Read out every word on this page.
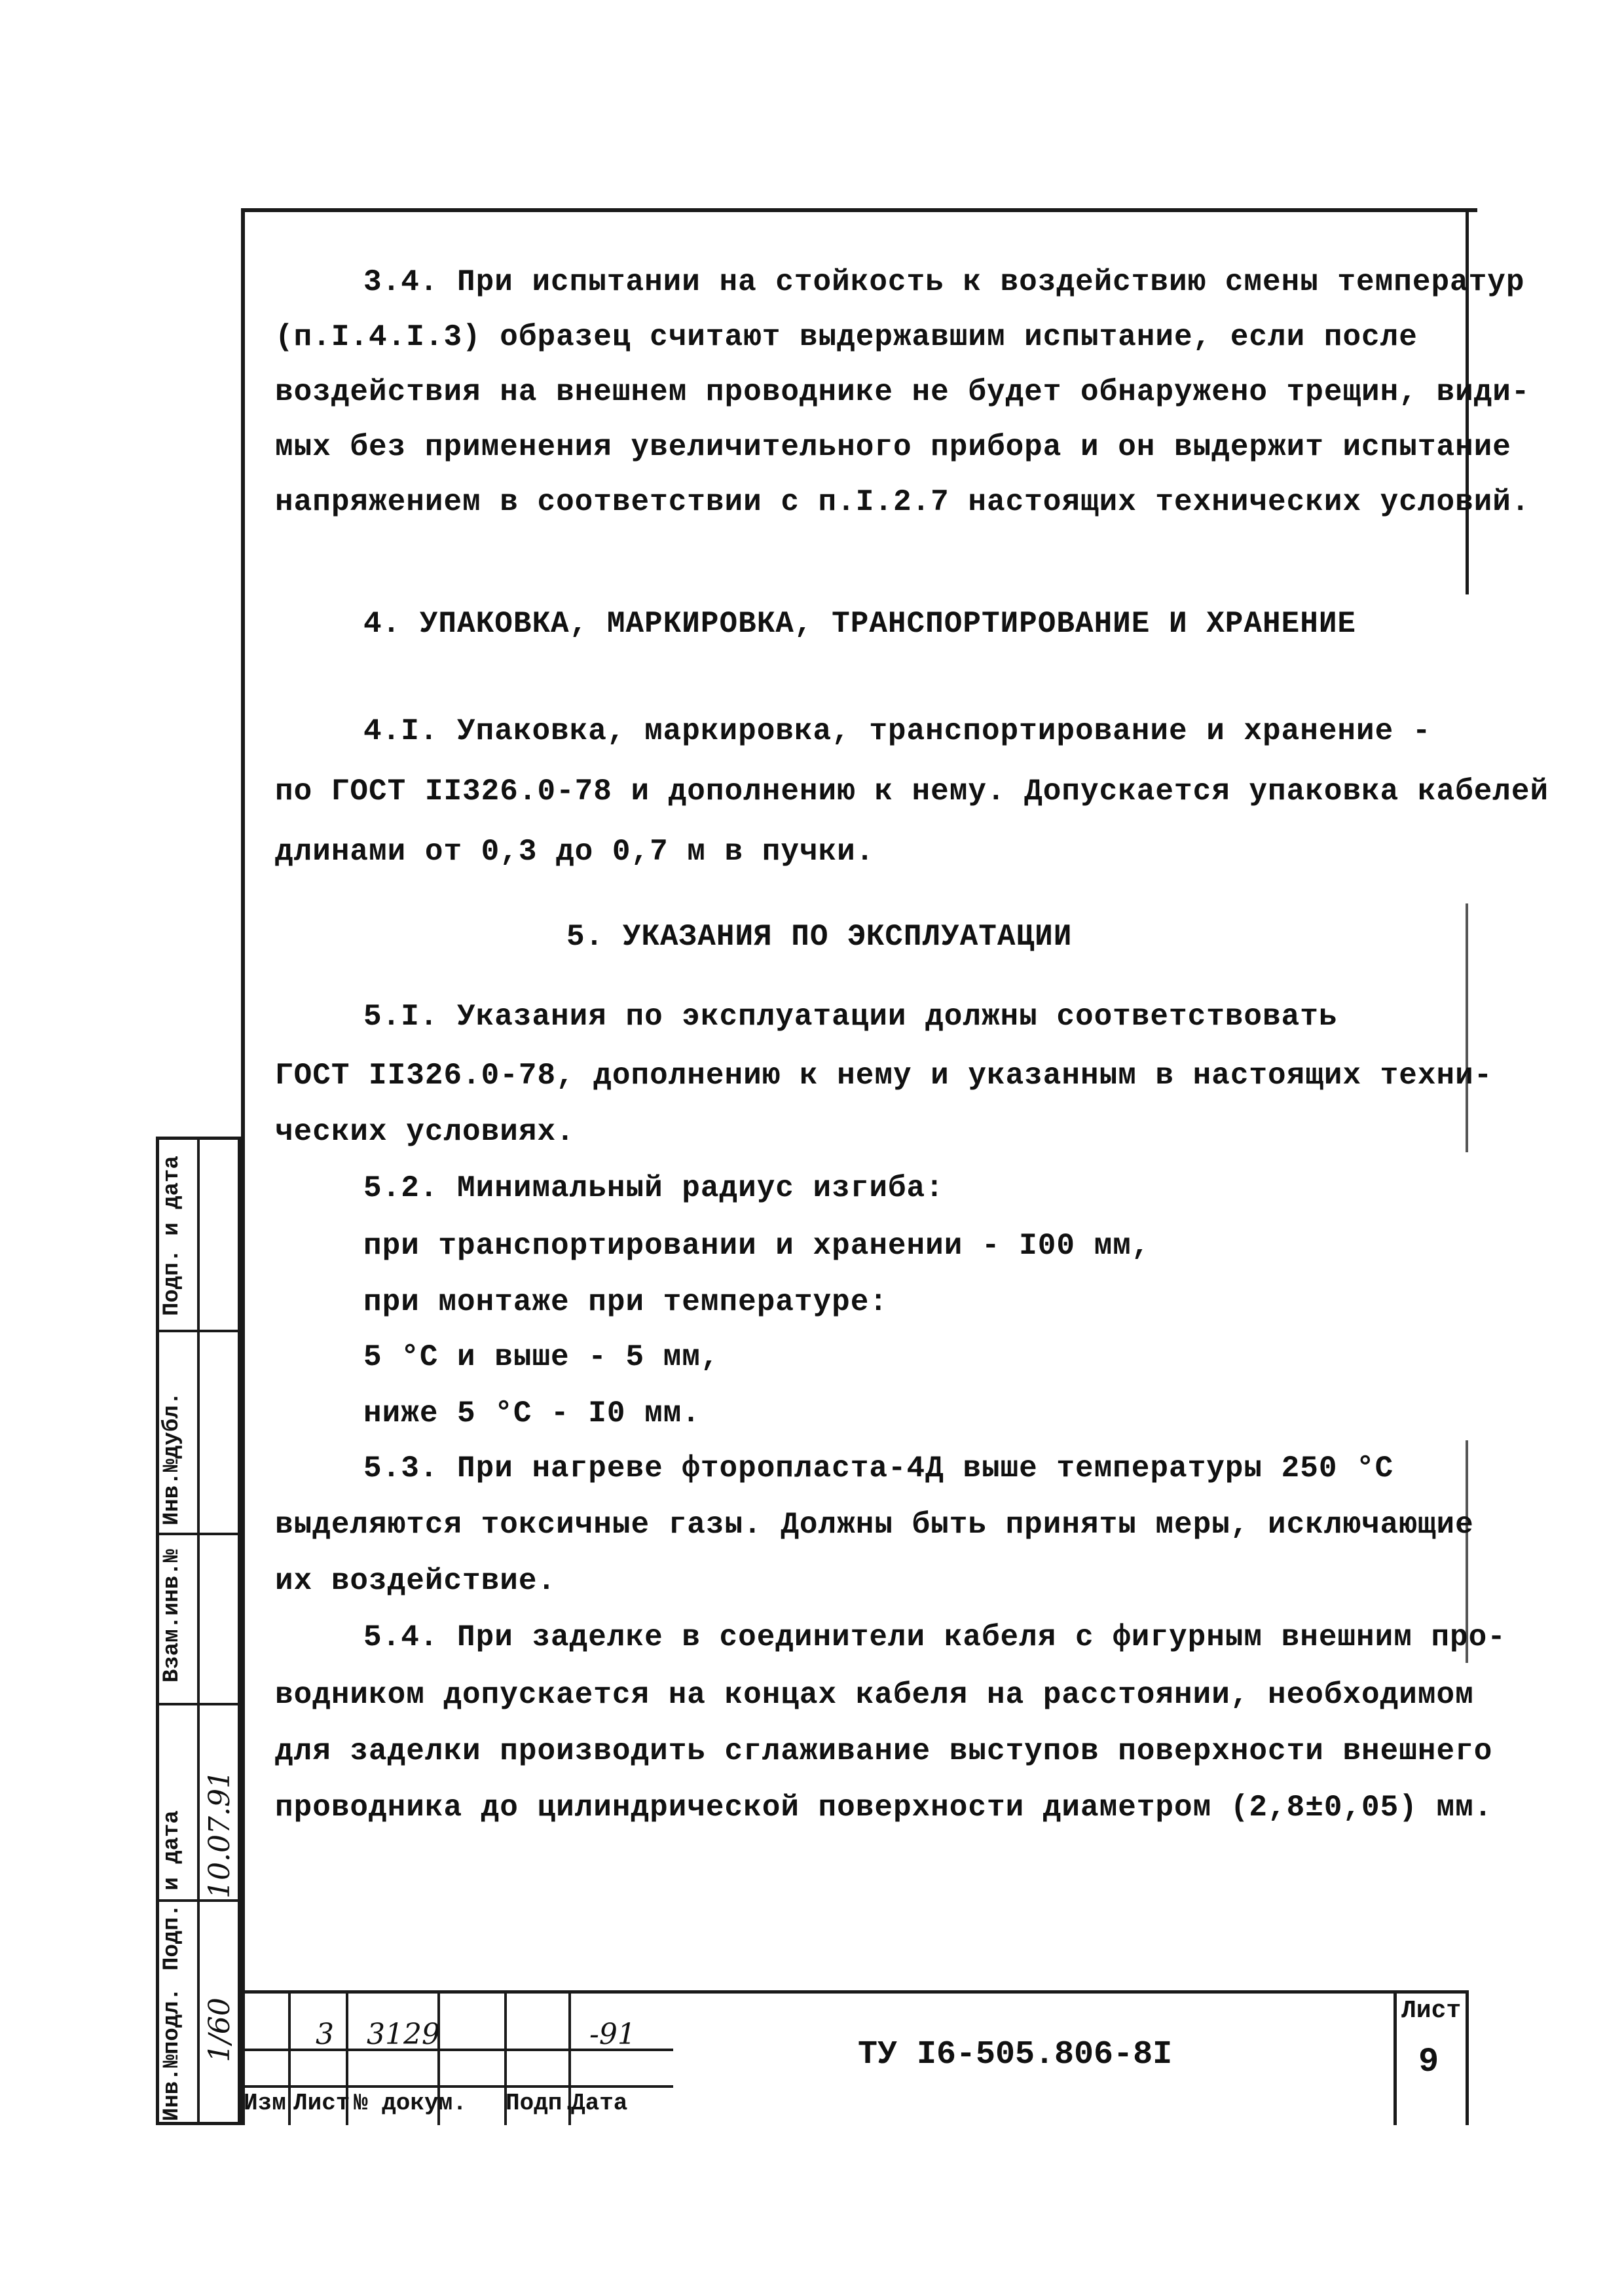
3.4. При испытании на стойкость к воздействию смены температур
(п.I.4.I.3) образец считают выдержавшим испытание, если после
воздействия на внешнем проводнике не будет обнаружено трещин, види-
мых без применения увеличительного прибора и он выдержит испытание
напряжением в соответствии с п.I.2.7 настоящих технических условий.
4. УПАКОВКА, МАРКИРОВКА, ТРАНСПОРТИРОВАНИЕ И ХРАНЕНИЕ
4.I. Упаковка, маркировка, транспортирование и хранение -
по ГОСТ II326.0-78 и дополнению к нему. Допускается упаковка кабелей
длинами от 0,3 до 0,7 м в пучки.
5. УКАЗАНИЯ ПО ЭКСПЛУАТАЦИИ
5.I. Указания по эксплуатации должны соответствовать
ГОСТ II326.0-78, дополнению к нему и указанным в настоящих техни-
ческих условиях.
5.2. Минимальный радиус изгиба:
при транспортировании и хранении - I00 мм,
при монтаже при температуре:
5 °С и выше - 5 мм,
ниже 5 °С - I0 мм.
5.3. При нагреве фторопласта-4Д выше температуры 250 °С
выделяются токсичные газы. Должны быть приняты меры, исключающие
их воздействие.
5.4. При заделке в соединители кабеля с фигурным внешним про-
водником допускается на концах кабеля на расстоянии, необходимом
для заделки производить сглаживание выступов поверхности внешнего
проводника до цилиндрической поверхности диаметром (2,8±0,05) мм.
Инв.№подл.
Подп. и дата
Взам.инв.№
Инв.№дубл.
Подп. и дата
1/60
10.07.91
3 3129	-91
Изм Лист № докум. Подп.
Дата
ТУ I6-505.806-8I
Лист
9
